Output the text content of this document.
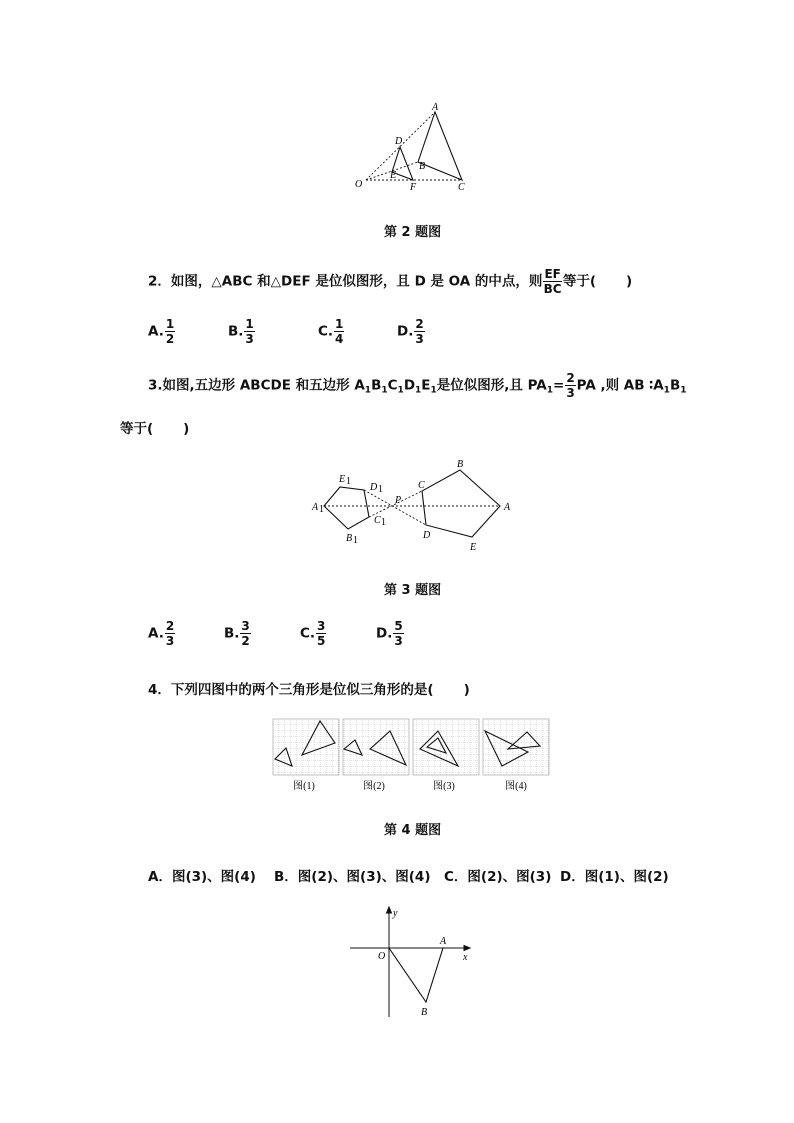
A
B
C
D
E
F
O
第 2 题图
2．如图，△ABC 和△DEF 是位似图形，且 D 是 OA 的中点，则 $\frac{EF}{BC}$ 等于( )
A. $\frac{1}{2}$	B. $\frac{1}{3}$	C. $\frac{1}{4}$	D. $\frac{2}{3}$
3.如图,五边形 ABCDE 和五边形 $A_1B_1C_1D_1E_1$是位似图形,且 $PA_1= \frac{2}{3}$ PA ,则 AB $∶A_1B_1$
等于( )
A 1
E 1
D 1
C 1
B 1
P
B
C
A
D
E
第 3 题图
A. $\frac{2}{3}$	B. $\frac{3}{2}$	C. $\frac{3}{5}$	D. $\frac{5}{3}$
4．下列四图中的两个三角形是位似三角形的是( )
图(1)	图(2)	图(3)	图(4)
第 4 题图
A．图(3)、图(4) B．图(2)、图(3)、图(4) C．图(2)、图(3) D．图(1)、图(2)
y
x
O
A
B
